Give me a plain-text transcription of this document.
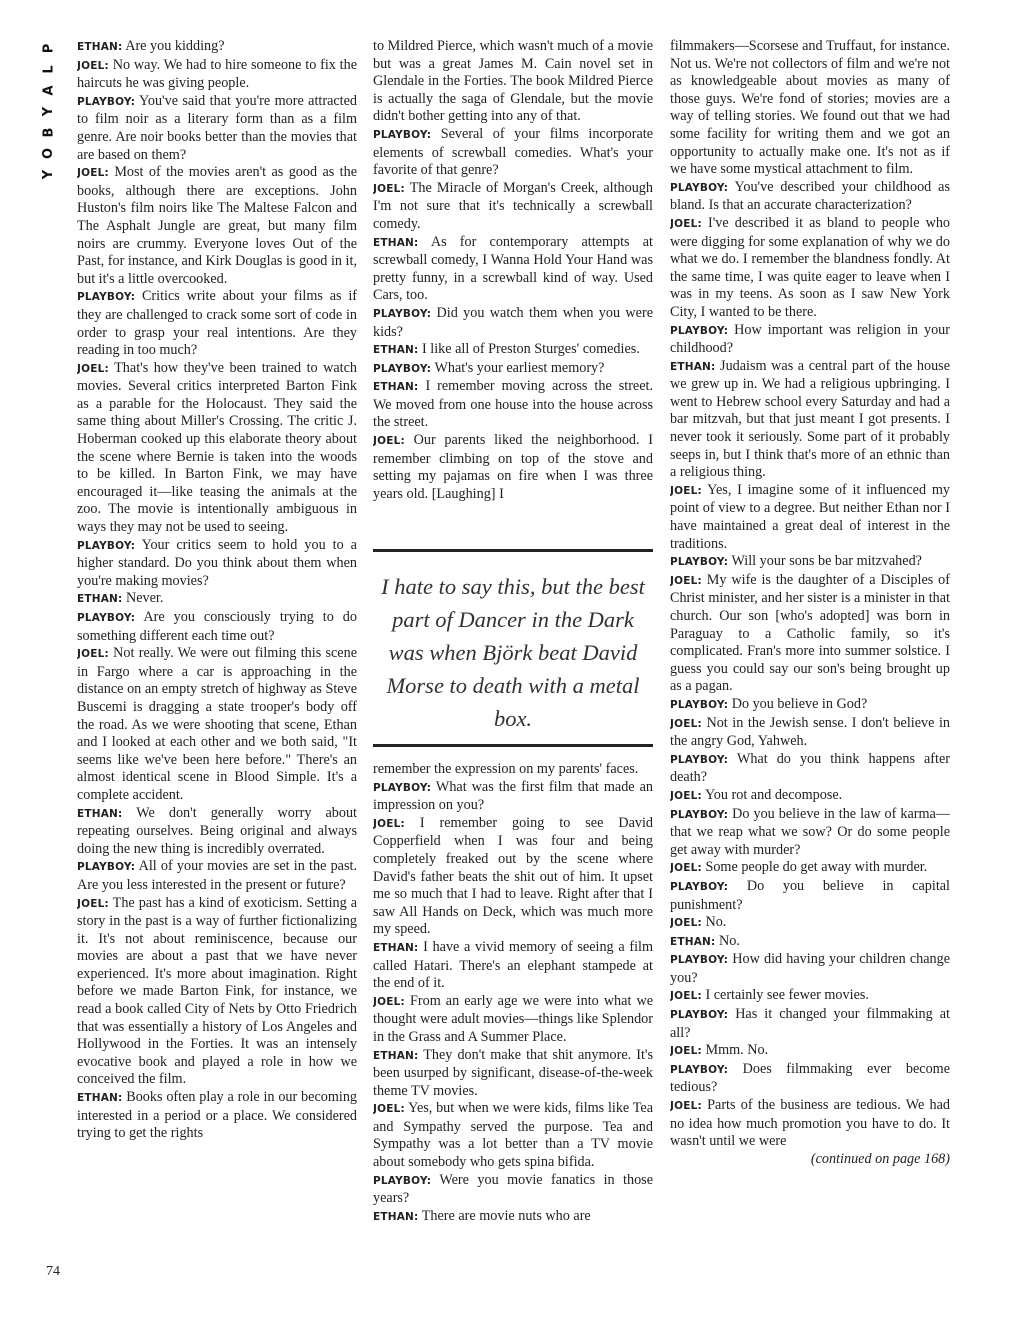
P
L
A
Y
B
O
Y

ETHAN: Are you kidding?

JOEL: No way. We had to hire someone to fix the haircuts he was giving people.

PLAYBOY: You've said that you're more attracted to film noir as a literary form than as a film genre. Are noir books better than the movies that are based on them?

JOEL: Most of the movies aren't as good as the books, although there are exceptions. John Huston's film noirs like The Maltese Falcon and The Asphalt Jungle are great, but many film noirs are crummy. Everyone loves Out of the Past, for instance, and Kirk Douglas is good in it, but it's a little overcooked.

PLAYBOY: Critics write about your films as if they are challenged to crack some sort of code in order to grasp your real intentions. Are they reading in too much?

JOEL: That's how they've been trained to watch movies. Several critics interpreted Barton Fink as a parable for the Holocaust. They said the same thing about Miller's Crossing. The critic J. Hoberman cooked up this elaborate theory about the scene where Bernie is taken into the woods to be killed. In Barton Fink, we may have encouraged it—like teasing the animals at the zoo. The movie is intentionally ambiguous in ways they may not be used to seeing.

PLAYBOY: Your critics seem to hold you to a higher standard. Do you think about them when you're making movies?

ETHAN: Never.

PLAYBOY: Are you consciously trying to do something different each time out?

JOEL: Not really. We were out filming this scene in Fargo where a car is approaching in the distance on an empty stretch of highway as Steve Buscemi is dragging a state trooper's body off the road. As we were shooting that scene, Ethan and I looked at each other and we both said, "It seems like we've been here before." There's an almost identical scene in Blood Simple. It's a complete accident.

ETHAN: We don't generally worry about repeating ourselves. Being original and always doing the new thing is incredibly overrated.

PLAYBOY: All of your movies are set in the past. Are you less interested in the present or future?

JOEL: The past has a kind of exoticism. Setting a story in the past is a way of further fictionalizing it. It's not about reminiscence, because our movies are about a past that we have never experienced. It's more about imagination. Right before we made Barton Fink, for instance, we read a book called City of Nets by Otto Friedrich that was essentially a history of Los Angeles and Hollywood in the Forties. It was an intensely evocative book and played a role in how we conceived the film.

ETHAN: Books often play a role in our becoming interested in a period or a place. We considered trying to get the rights

to Mildred Pierce, which wasn't much of a movie but was a great James M. Cain novel set in Glendale in the Forties. The book Mildred Pierce is actually the saga of Glendale, but the movie didn't bother getting into any of that.

PLAYBOY: Several of your films incorporate elements of screwball comedies. What's your favorite of that genre?

JOEL: The Miracle of Morgan's Creek, although I'm not sure that it's technically a screwball comedy.

ETHAN: As for contemporary attempts at screwball comedy, I Wanna Hold Your Hand was pretty funny, in a screwball kind of way. Used Cars, too.

PLAYBOY: Did you watch them when you were kids?

ETHAN: I like all of Preston Sturges' comedies.

PLAYBOY: What's your earliest memory?

ETHAN: I remember moving across the street. We moved from one house into the house across the street.

JOEL: Our parents liked the neighborhood. I remember climbing on top of the stove and setting my pajamas on fire when I was three years old. [Laughing] I

I hate to say this, but the best part of Dancer in the Dark was when Björk beat David Morse to death with a metal box.

remember the expression on my parents' faces.

PLAYBOY: What was the first film that made an impression on you?

JOEL: I remember going to see David Copperfield when I was four and being completely freaked out by the scene where David's father beats the shit out of him. It upset me so much that I had to leave. Right after that I saw All Hands on Deck, which was much more my speed.

ETHAN: I have a vivid memory of seeing a film called Hatari. There's an elephant stampede at the end of it.

JOEL: From an early age we were into what we thought were adult movies—things like Splendor in the Grass and A Summer Place.

ETHAN: They don't make that shit anymore. It's been usurped by significant, disease-of-the-week theme TV movies.

JOEL: Yes, but when we were kids, films like Tea and Sympathy served the purpose. Tea and Sympathy was a lot better than a TV movie about somebody who gets spina bifida.

PLAYBOY: Were you movie fanatics in those years?

ETHAN: There are movie nuts who are

filmmakers—Scorsese and Truffaut, for instance. Not us. We're not collectors of film and we're not as knowledgeable about movies as many of those guys. We're fond of stories; movies are a way of telling stories. We found out that we had some facility for writing them and we got an opportunity to actually make one. It's not as if we have some mystical attachment to film.

PLAYBOY: You've described your childhood as bland. Is that an accurate characterization?

JOEL: I've described it as bland to people who were digging for some explanation of why we do what we do. I remember the blandness fondly. At the same time, I was quite eager to leave when I was in my teens. As soon as I saw New York City, I wanted to be there.

PLAYBOY: How important was religion in your childhood?

ETHAN: Judaism was a central part of the house we grew up in. We had a religious upbringing. I went to Hebrew school every Saturday and had a bar mitzvah, but that just meant I got presents. I never took it seriously. Some part of it probably seeps in, but I think that's more of an ethnic than a religious thing.

JOEL: Yes, I imagine some of it influenced my point of view to a degree. But neither Ethan nor I have maintained a great deal of interest in the traditions.

PLAYBOY: Will your sons be bar mitzvahed?

JOEL: My wife is the daughter of a Disciples of Christ minister, and her sister is a minister in that church. Our son [who's adopted] was born in Paraguay to a Catholic family, so it's complicated. Fran's more into summer solstice. I guess you could say our son's being brought up as a pagan.

PLAYBOY: Do you believe in God?

JOEL: Not in the Jewish sense. I don't believe in the angry God, Yahweh.

PLAYBOY: What do you think happens after death?

JOEL: You rot and decompose.

PLAYBOY: Do you believe in the law of karma—that we reap what we sow? Or do some people get away with murder?

JOEL: Some people do get away with murder.

PLAYBOY: Do you believe in capital punishment?

JOEL: No.

ETHAN: No.

PLAYBOY: How did having your children change you?

JOEL: I certainly see fewer movies.

PLAYBOY: Has it changed your filmmaking at all?

JOEL: Mmm. No.

PLAYBOY: Does filmmaking ever become tedious?

JOEL: Parts of the business are tedious. We had no idea how much promotion you have to do. It wasn't until we were

(continued on page 168)

74
